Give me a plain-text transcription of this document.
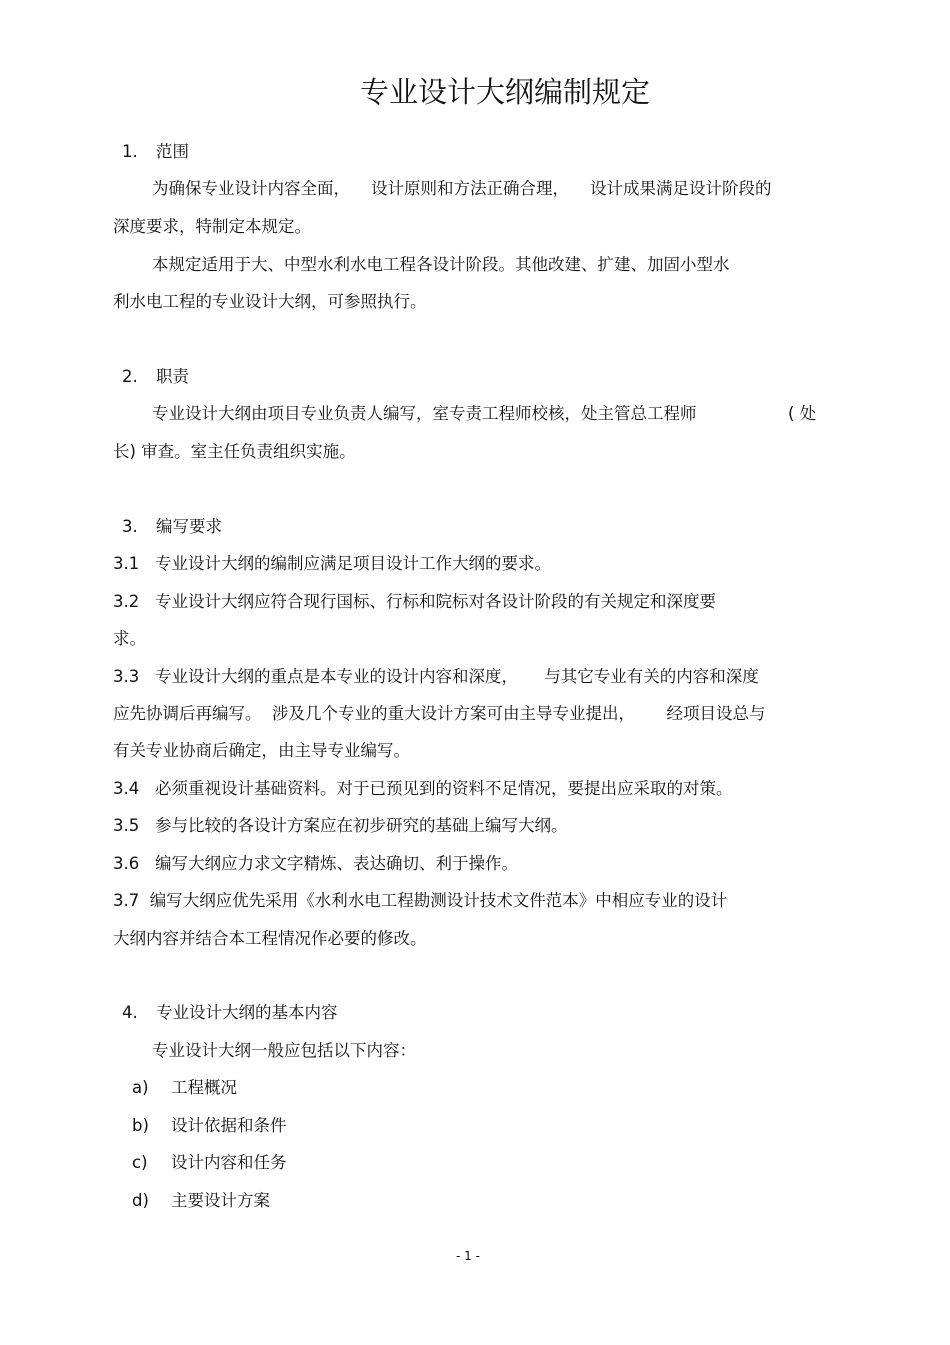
专业设计大纲编制规定
1. 范围
为确保专业设计内容全面，    设计原则和方法正确合理，    设计成果满足设计阶段的
深度要求，特制定本规定。
本规定适用于大、中型水利水电工程各设计阶段。其他改建、扩建、加固小型水
利水电工程的专业设计大纲，可参照执行。
2. 职责
专业设计大纲由项目专业负责人编写，室专责工程师校核，处主管总工程师	( 处
长) 审查。室主任负责组织实施。
3. 编写要求
3.1   专业设计大纲的编制应满足项目设计工作大纲的要求。
3.2   专业设计大纲应符合现行国标、行标和院标对各设计阶段的有关规定和深度要
求。
3.3   专业设计大纲的重点是本专业的设计内容和深度，     与其它专业有关的内容和深度
应先协调后再编写。  涉及几个专业的重大设计方案可由主导专业提出，      经项目设总与
有关专业协商后确定，由主导专业编写。
3.4   必须重视设计基础资料。对于已预见到的资料不足情况，要提出应采取的对策。
3.5   参与比较的各设计方案应在初步研究的基础上编写大纲。
3.6   编写大纲应力求文字精炼、表达确切、利于操作。
3.7  编写大纲应优先采用《水利水电工程勘测设计技术文件范本》中相应专业的设计
大纲内容并结合本工程情况作必要的修改。
4. 专业设计大纲的基本内容
专业设计大纲一般应包括以下内容：
a) 工程概况
b) 设计依据和条件
c) 设计内容和任务
d) 主要设计方案
- 1 -
